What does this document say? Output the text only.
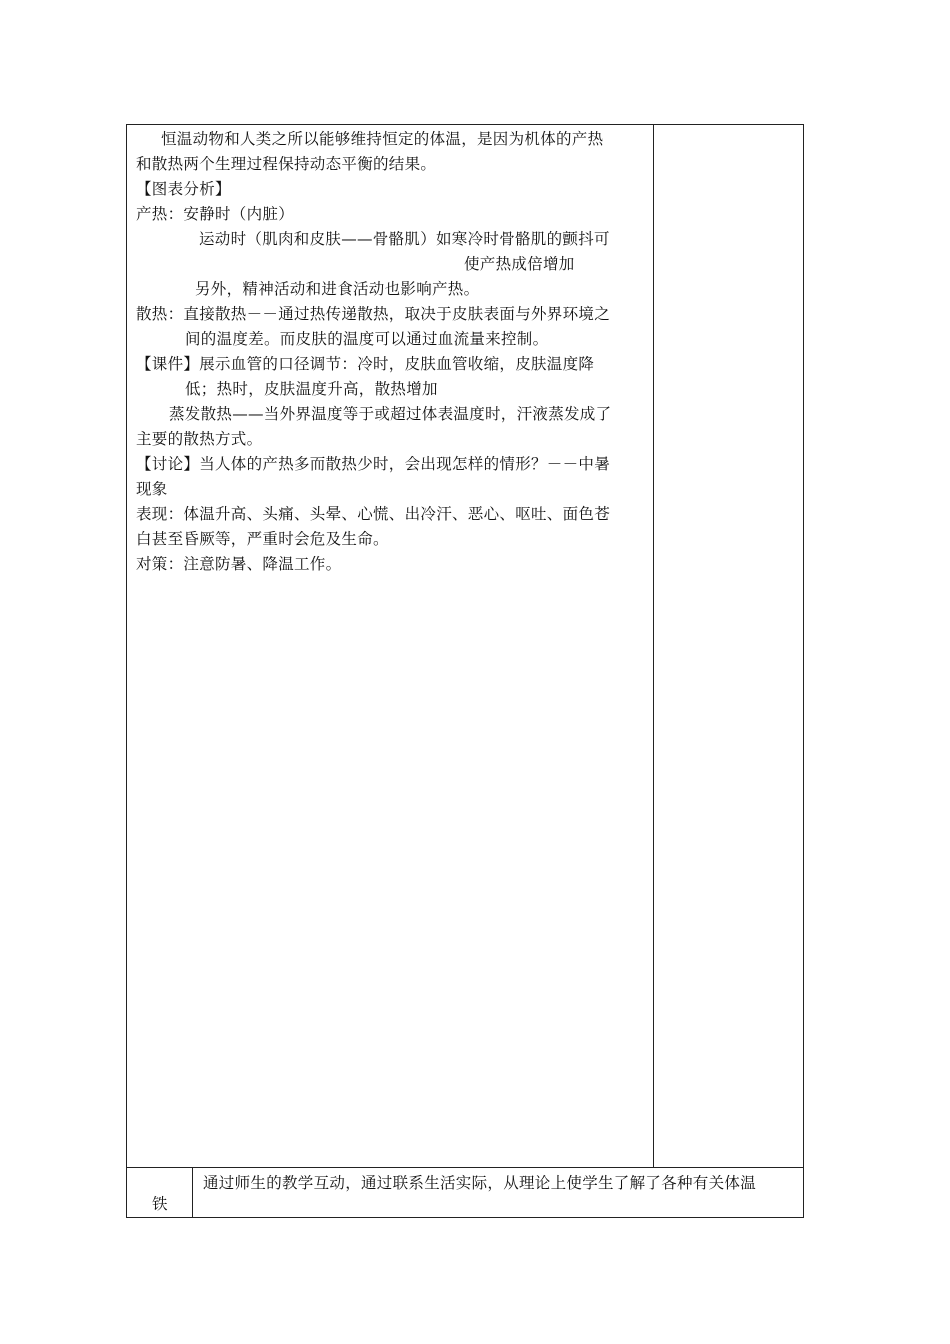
恒温动物和人类之所以能够维持恒定的体温，是因为机体的产热
和散热两个生理过程保持动态平衡的结果。
【图表分析】
产热：安静时（内脏）
运动时（肌肉和皮肤——骨骼肌）如寒冷时骨骼肌的颤抖可
使产热成倍增加
另外，精神活动和进食活动也影响产热。
散热：直接散热－－通过热传递散热，取决于皮肤表面与外界环境之
间的温度差。而皮肤的温度可以通过血流量来控制。
【课件】展示血管的口径调节：冷时，皮肤血管收缩，皮肤温度降
低；热时，皮肤温度升高，散热增加
蒸发散热——当外界温度等于或超过体表温度时，汗液蒸发成了
主要的散热方式。
【讨论】当人体的产热多而散热少时，会出现怎样的情形？－－中暑
现象
表现：体温升高、头痛、头晕、心慌、出冷汗、恶心、呕吐、面色苍
白甚至昏厥等，严重时会危及生命。
对策：注意防暑、降温工作。
铁
通过师生的教学互动，通过联系生活实际，从理论上使学生了解了各种有关体温
